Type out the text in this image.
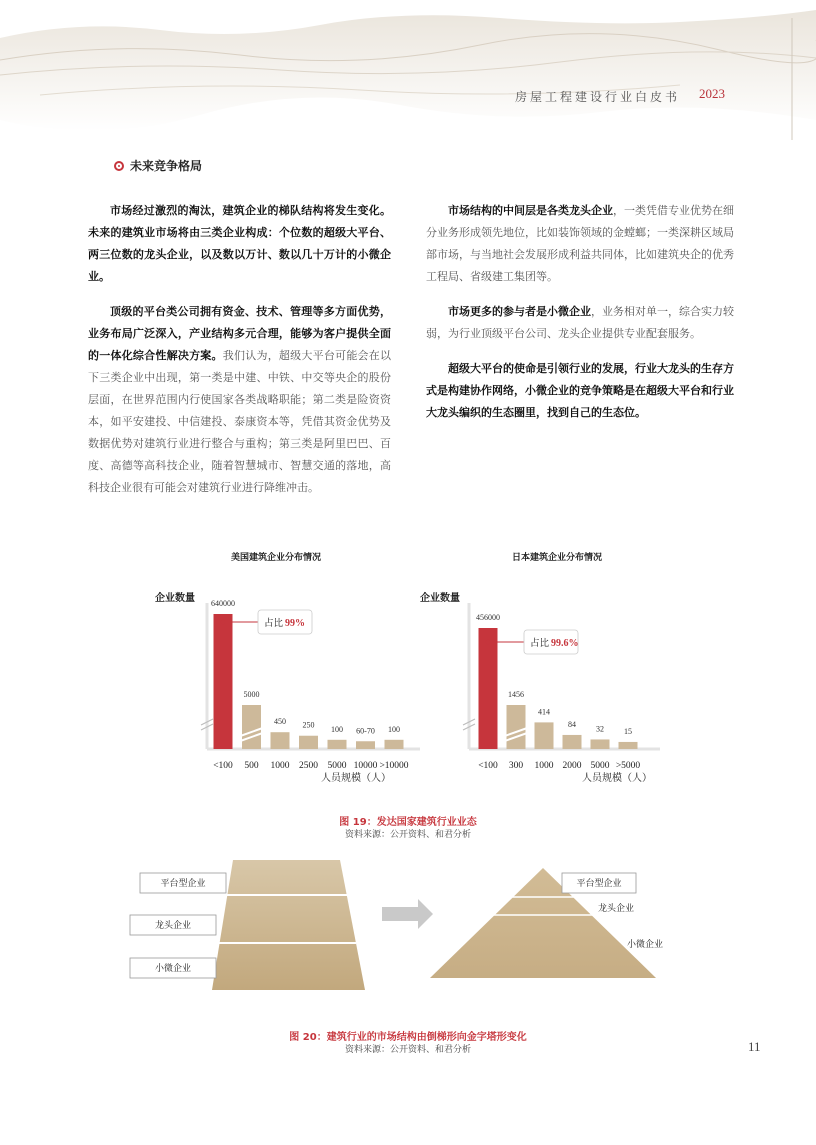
房屋工程建设行业白皮书 2023
未来竞争格局

市场经过激烈的淘汰，建筑企业的梯队结构将发生变化。未来的建筑业市场将由三类企业构成：个位数的超级大平台、两三位数的龙头企业，以及数以万计、数以几十万计的小微企业。

顶级的平台类公司拥有资金、技术、管理等多方面优势，业务布局广泛深入，产业结构多元合理，能够为客户提供全面的一体化综合性解决方案。我们认为，超级大平台可能会在以下三类企业中出现，第一类是中建、中铁、中交等央企的股份层面，在世界范围内行使国家各类战略职能；第二类是险资资本，如平安建投、中信建投、泰康资本等，凭借其资金优势及数据优势对建筑行业进行整合与重构；第三类是阿里巴巴、百度、高德等高科技企业，随着智慧城市、智慧交通的落地，高科技企业很有可能会对建筑行业进行降维冲击。

市场结构的中间层是各类龙头企业，一类凭借专业优势在细分业务形成领先地位，比如装饰领域的金螳螂；一类深耕区域局部市场，与当地社会发展形成利益共同体，比如建筑央企的优秀工程局、省级建工集团等。

市场更多的参与者是小微企业，业务相对单一，综合实力较弱，为行业顶级平台公司、龙头企业提供专业配套服务。

超级大平台的使命是引领行业的发展，行业大龙头的生存方式是构建协作网络，小微企业的竞争策略是在超级大平台和行业大龙头编织的生态圈里，找到自己的生态位。

美国建筑企业分布情况	日本建筑企业分布情况
企业数量
人员规模（人）
640000
<100
5000
500
450
1000
250
2500
100
5000
60-70
10000
100
>10000
占比 99%
企业数量
人员规模（人）
456000
<100
1456
300
414
1000
84
2000
32
5000
15
>5000
占比 99.6%
图 19：发达国家建筑行业业态
资料来源：公开资料、和君分析
平台型企业
龙头企业
小微企业
平台型企业
龙头企业
小微企业
图 20：建筑行业的市场结构由倒梯形向金字塔形变化
资料来源：公开资料、和君分析	11
